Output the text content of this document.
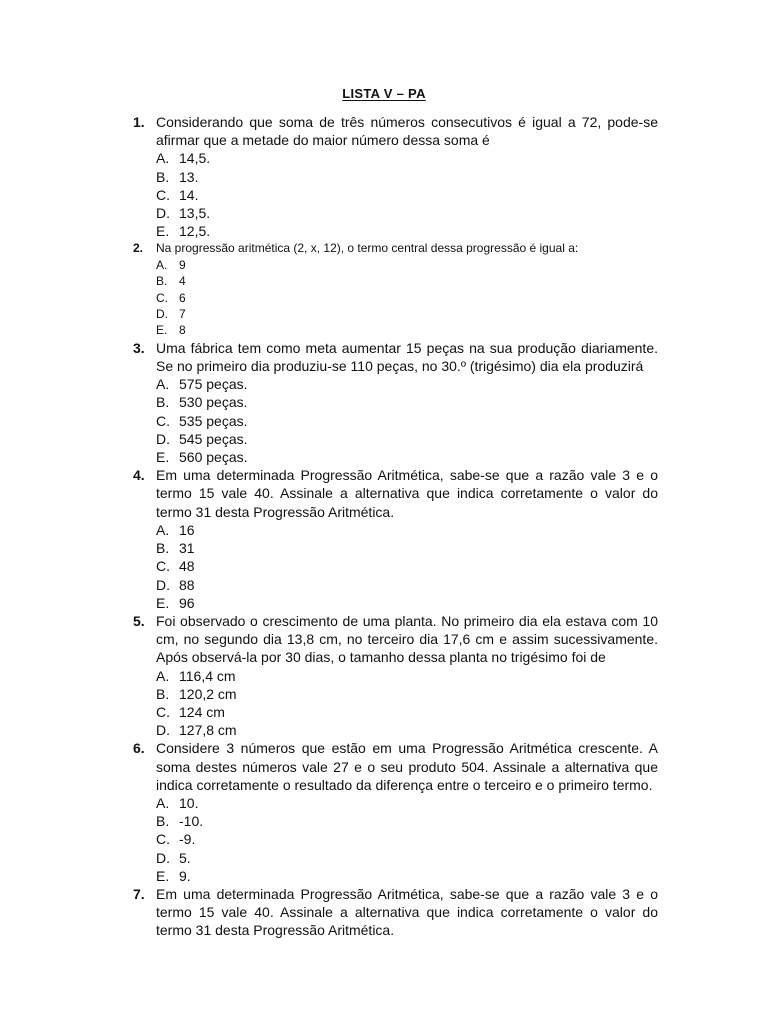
LISTA V – PA
1. Considerando que soma de três números consecutivos é igual a 72, pode-se afirmar que a metade do maior número dessa soma é
A. 14,5.
B. 13.
C. 14.
D. 13,5.
E. 12,5.
2. Na progressão aritmética (2, x, 12), o termo central dessa progressão é igual a:
A. 9
B. 4
C. 6
D. 7
E. 8
3. Uma fábrica tem como meta aumentar 15 peças na sua produção diariamente. Se no primeiro dia produziu-se 110 peças, no 30.º (trigésimo) dia ela produzirá
A. 575 peças.
B. 530 peças.
C. 535 peças.
D. 545 peças.
E. 560 peças.
4. Em uma determinada Progressão Aritmética, sabe-se que a razão vale 3 e o termo 15 vale 40. Assinale a alternativa que indica corretamente o valor do termo 31 desta Progressão Aritmética.
A. 16
B. 31
C. 48
D. 88
E. 96
5. Foi observado o crescimento de uma planta. No primeiro dia ela estava com 10 cm, no segundo dia 13,8 cm, no terceiro dia 17,6 cm e assim sucessivamente. Após observá-la por 30 dias, o tamanho dessa planta no trigésimo foi de
A. 116,4 cm
B. 120,2 cm
C. 124 cm
D. 127,8 cm
6. Considere 3 números que estão em uma Progressão Aritmética crescente. A soma destes números vale 27 e o seu produto 504. Assinale a alternativa que indica corretamente o resultado da diferença entre o terceiro e o primeiro termo.
A. 10.
B. -10.
C. -9.
D. 5.
E. 9.
7. Em uma determinada Progressão Aritmética, sabe-se que a razão vale 3 e o termo 15 vale 40. Assinale a alternativa que indica corretamente o valor do termo 31 desta Progressão Aritmética.
